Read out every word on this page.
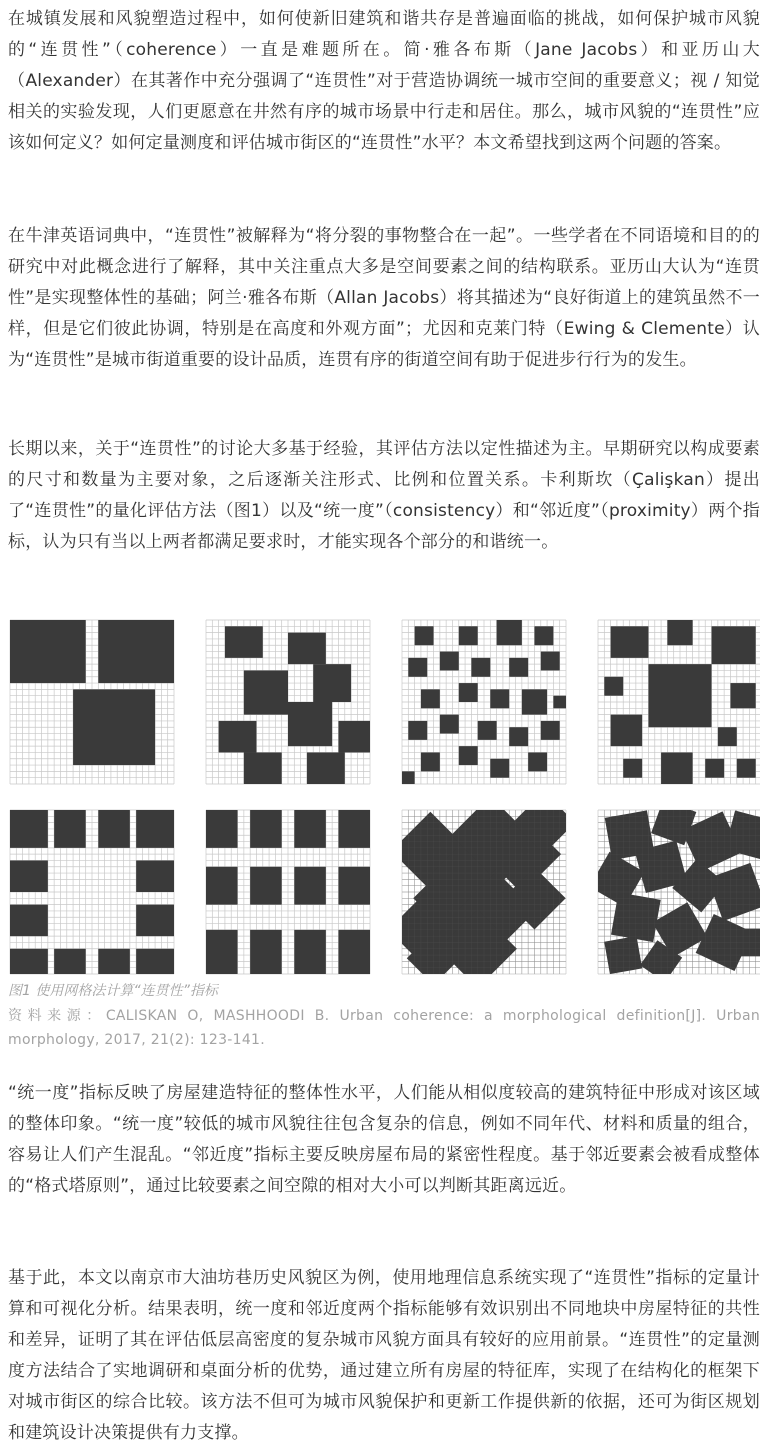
在城镇发展和风貌塑造过程中，如何使新旧建筑和谐共存是普遍面临的挑战，如何保护城市风貌的“连贯性”（coherence）一直是难题所在。简·雅各布斯（Jane Jacobs）和亚历山大（Alexander）在其著作中充分强调了“连贯性”对于营造协调统一城市空间的重要意义；视 / 知觉相关的实验发现，人们更愿意在井然有序的城市场景中行走和居住。那么，城市风貌的“连贯性”应该如何定义？如何定量测度和评估城市街区的“连贯性”水平？本文希望找到这两个问题的答案。

在牛津英语词典中，“连贯性”被解释为“将分裂的事物整合在一起”。一些学者在不同语境和目的的研究中对此概念进行了解释，其中关注重点大多是空间要素之间的结构联系。亚历山大认为“连贯性”是实现整体性的基础；阿兰·雅各布斯（Allan Jacobs）将其描述为“良好街道上的建筑虽然不一样，但是它们彼此协调，特别是在高度和外观方面”；尤因和克莱门特（Ewing & Clemente）认为“连贯性”是城市街道重要的设计品质，连贯有序的街道空间有助于促进步行行为的发生。

长期以来，关于“连贯性”的讨论大多基于经验，其评估方法以定性描述为主。早期研究以构成要素的尺寸和数量为主要对象，之后逐渐关注形式、比例和位置关系。卡利斯坎（Çalişkan）提出了“连贯性”的量化评估方法（图1）以及“统一度”（consistency）和“邻近度”（proximity）两个指标，认为只有当以上两者都满足要求时，才能实现各个部分的和谐统一。

图1 使用网格法计算“连贯性”指标

资料来源：CALISKAN O, MASHHOODI B. Urban coherence: a morphological definition[J]. Urban morphology, 2017, 21(2): 123-141.

“统一度”指标反映了房屋建造特征的整体性水平，人们能从相似度较高的建筑特征中形成对该区域的整体印象。“统一度”较低的城市风貌往往包含复杂的信息，例如不同年代、材料和质量的组合，容易让人们产生混乱。“邻近度”指标主要反映房屋布局的紧密性程度。基于邻近要素会被看成整体的“格式塔原则”，通过比较要素之间空隙的相对大小可以判断其距离远近。

基于此，本文以南京市大油坊巷历史风貌区为例，使用地理信息系统实现了“连贯性”指标的定量计算和可视化分析。结果表明，统一度和邻近度两个指标能够有效识别出不同地块中房屋特征的共性和差异，证明了其在评估低层高密度的复杂城市风貌方面具有较好的应用前景。“连贯性”的定量测度方法结合了实地调研和桌面分析的优势，通过建立所有房屋的特征库，实现了在结构化的框架下对城市街区的综合比较。该方法不但可为城市风貌保护和更新工作提供新的依据，还可为街区规划和建筑设计决策提供有力支撑。
